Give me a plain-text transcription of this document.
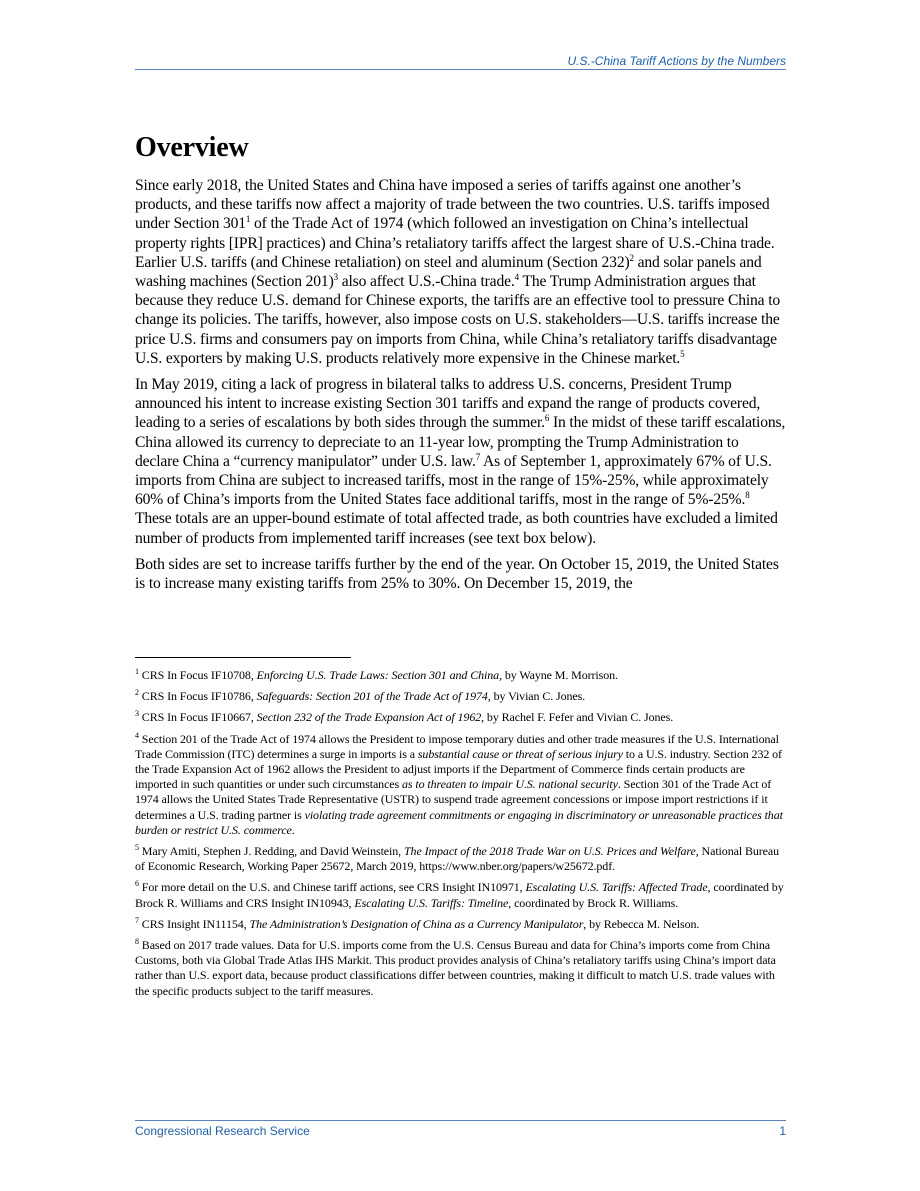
U.S.-China Tariff Actions by the Numbers
Overview

Since early 2018, the United States and China have imposed a series of tariffs against one another’s products, and these tariffs now affect a majority of trade between the two countries. U.S. tariffs imposed under Section $301^1$ of the Trade Act of 1974 (which followed an investigation on China’s intellectual property rights [IPR] practices) and China’s retaliatory tariffs affect the largest share of U.S.-China trade. Earlier U.S. tariffs (and Chinese retaliation) on steel and aluminum (Section 232)$^2$ and solar panels and washing machines (Section 201)$^3$ also affect U.S.-China trade.$^4$ The Trump Administration argues that because they reduce U.S. demand for Chinese exports, the tariffs are an effective tool to pressure China to change its policies. The tariffs, however, also impose costs on U.S. stakeholders—U.S. tariffs increase the price U.S. firms and consumers pay on imports from China, while China’s retaliatory tariffs disadvantage U.S. exporters by making U.S. products relatively more expensive in the Chinese market.$^5$

In May 2019, citing a lack of progress in bilateral talks to address U.S. concerns, President Trump announced his intent to increase existing Section 301 tariffs and expand the range of products covered, leading to a series of escalations by both sides through the summer.$^6$ In the midst of these tariff escalations, China allowed its currency to depreciate to an 11-year low, prompting the Trump Administration to declare China a “currency manipulator” under U.S. law.$^7$ As of September 1, approximately 67% of U.S. imports from China are subject to increased tariffs, most in the range of 15%-25%, while approximately 60% of China’s imports from the United States face additional tariffs, most in the range of 5%-25%.$^8$ These totals are an upper-bound estimate of total affected trade, as both countries have excluded a limited number of products from implemented tariff increases (see text box below).

Both sides are set to increase tariffs further by the end of the year. On October 15, 2019, the United States is to increase many existing tariffs from 25% to 30%. On December 15, 2019, the

$^1$ CRS In Focus IF10708, Enforcing U.S. Trade Laws: Section 301 and China, by Wayne M. Morrison.

$^2$ CRS In Focus IF10786, Safeguards: Section 201 of the Trade Act of 1974, by Vivian C. Jones.

$^3$ CRS In Focus IF10667, Section 232 of the Trade Expansion Act of 1962, by Rachel F. Fefer and Vivian C. Jones.

$^4$ Section 201 of the Trade Act of 1974 allows the President to impose temporary duties and other trade measures if the U.S. International Trade Commission (ITC) determines a surge in imports is a substantial cause or threat of serious injury to a U.S. industry. Section 232 of the Trade Expansion Act of 1962 allows the President to adjust imports if the Department of Commerce finds certain products are imported in such quantities or under such circumstances as to threaten to impair U.S. national security. Section 301 of the Trade Act of 1974 allows the United States Trade Representative (USTR) to suspend trade agreement concessions or impose import restrictions if it determines a U.S. trading partner is violating trade agreement commitments or engaging in discriminatory or unreasonable practices that burden or restrict U.S. commerce.

$^5$ Mary Amiti, Stephen J. Redding, and David Weinstein, The Impact of the 2018 Trade War on U.S. Prices and Welfare, National Bureau of Economic Research, Working Paper 25672, March 2019, https://www.nber.org/papers/w25672.pdf.

$^6$ For more detail on the U.S. and Chinese tariff actions, see CRS Insight IN10971, Escalating U.S. Tariffs: Affected Trade, coordinated by Brock R. Williams and CRS Insight IN10943, Escalating U.S. Tariffs: Timeline, coordinated by Brock R. Williams.

$^7$ CRS Insight IN11154, The Administration’s Designation of China as a Currency Manipulator, by Rebecca M. Nelson.

$^8$ Based on 2017 trade values. Data for U.S. imports come from the U.S. Census Bureau and data for China’s imports come from China Customs, both via Global Trade Atlas IHS Markit. This product provides analysis of China’s retaliatory tariffs using China’s import data rather than U.S. export data, because product classifications differ between countries, making it difficult to match U.S. trade values with the specific products subject to the tariff measures.

Congressional Research Service	1
